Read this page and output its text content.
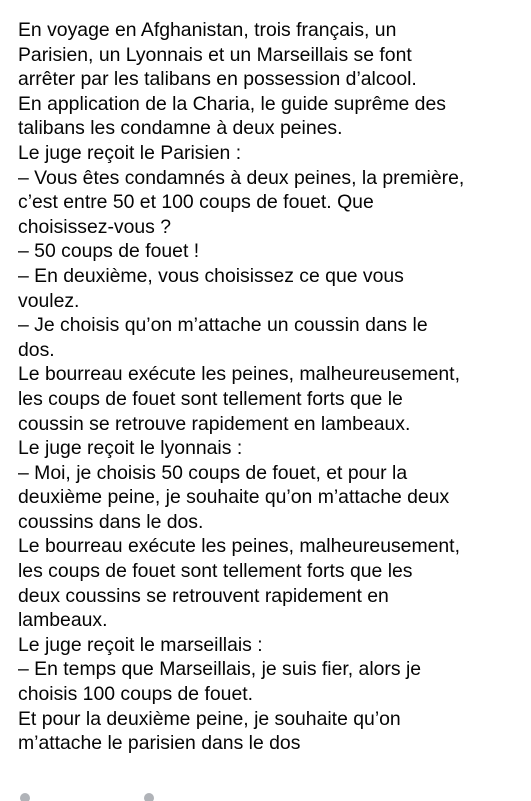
En voyage en Afghanistan, trois français, un
Parisien, un Lyonnais et un Marseillais se font
arrêter par les talibans en possession d’alcool.
En application de la Charia, le guide suprême des
talibans les condamne à deux peines.
Le juge reçoit le Parisien :
– Vous êtes condamnés à deux peines, la première,
c’est entre 50 et 100 coups de fouet. Que
choisissez-vous ?
– 50 coups de fouet !
– En deuxième, vous choisissez ce que vous
voulez.
– Je choisis qu’on m’attache un coussin dans le
dos.
Le bourreau exécute les peines, malheureusement,
les coups de fouet sont tellement forts que le
coussin se retrouve rapidement en lambeaux.
Le juge reçoit le lyonnais :
– Moi, je choisis 50 coups de fouet, et pour la
deuxième peine, je souhaite qu’on m’attache deux
coussins dans le dos.
Le bourreau exécute les peines, malheureusement,
les coups de fouet sont tellement forts que les
deux coussins se retrouvent rapidement en
lambeaux.
Le juge reçoit le marseillais :
– En temps que Marseillais, je suis fier, alors je
choisis 100 coups de fouet.
Et pour la deuxième peine, je souhaite qu’on
m’attache le parisien dans le dos
